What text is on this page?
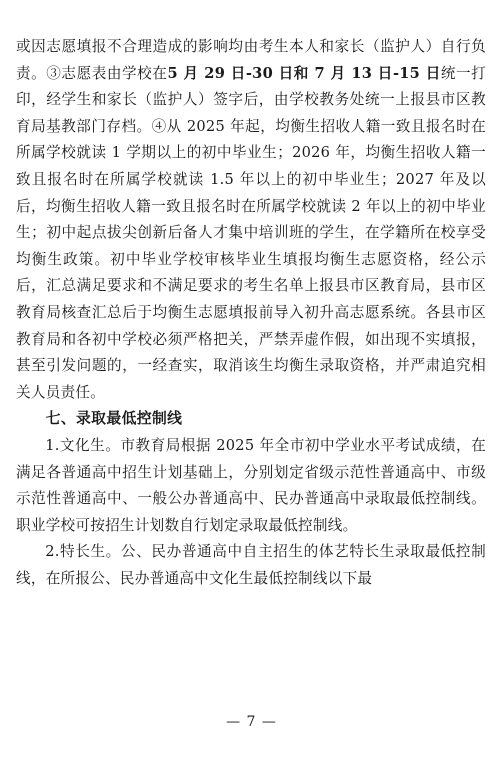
或因志愿填报不合理造成的影响均由考生本人和家长（监护人）自行负责。③志愿表由学校在5 月 29 日-30 日和 7 月 13 日-15 日统一打印，经学生和家长（监护人）签字后，由学校教务处统一上报县市区教育局基教部门存档。④从 2025 年起，均衡生招收人籍一致且报名时在所属学校就读 1 学期以上的初中毕业生；2026 年，均衡生招收人籍一致且报名时在所属学校就读 1.5 年以上的初中毕业生；2027 年及以后，均衡生招收人籍一致且报名时在所属学校就读 2 年以上的初中毕业生；初中起点拔尖创新后备人才集中培训班的学生，在学籍所在校享受均衡生政策。初中毕业学校审核毕业生填报均衡生志愿资格，经公示后，汇总满足要求和不满足要求的考生名单上报县市区教育局，县市区教育局核查汇总后于均衡生志愿填报前导入初升高志愿系统。各县市区教育局和各初中学校必须严格把关，严禁弄虚作假，如出现不实填报，甚至引发问题的，一经查实，取消该生均衡生录取资格，并严肃追究相关人员责任。

七、录取最低控制线

1.文化生。市教育局根据 2025 年全市初中学业水平考试成绩，在满足各普通高中招生计划基础上，分别划定省级示范性普通高中、市级示范性普通高中、一般公办普通高中、民办普通高中录取最低控制线。职业学校可按招生计划数自行划定录取最低控制线。

2.特长生。公、民办普通高中自主招生的体艺特长生录取最低控制线，在所报公、民办普通高中文化生最低控制线以下最

— 7 —
